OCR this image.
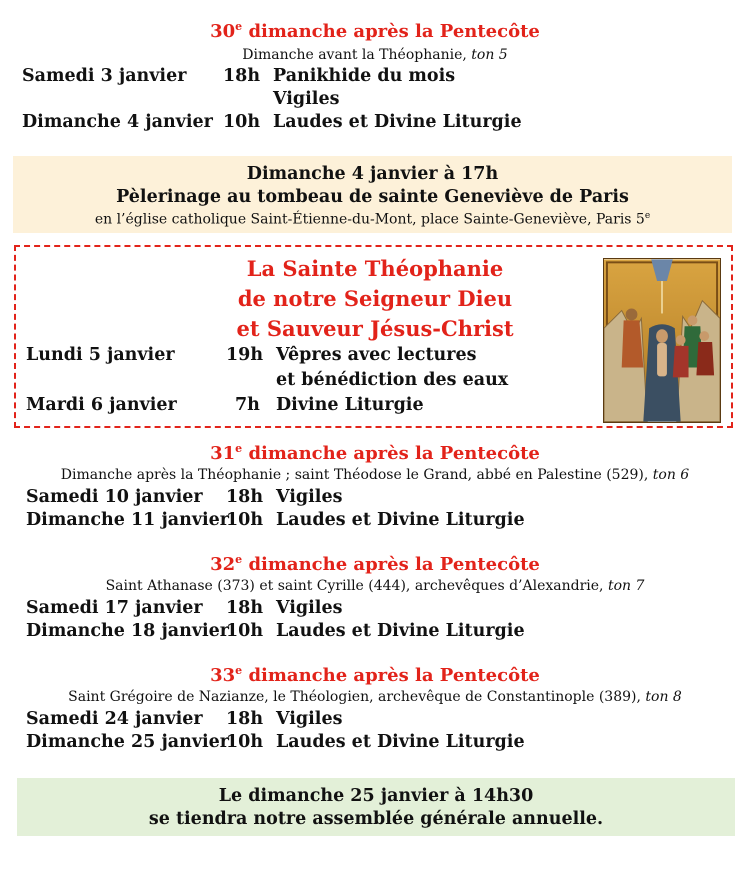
30e dimanche après la Pentecôte
Dimanche avant la Théophanie, ton 5
Samedi 3 janvier 18h Panikhide du mois
Vigiles
Dimanche 4 janvier 10h Laudes et Divine Liturgie
Dimanche 4 janvier à 17h
Pèlerinage au tombeau de sainte Geneviève de Paris
en l’église catholique Saint-Étienne-du-Mont, place Sainte-Geneviève, Paris 5e
La Sainte Théophanie
de notre Seigneur Dieu
et Sauveur Jésus-Christ
Lundi 5 janvier	19h Vêpres avec lectures
et bénédiction des eaux
Mardi 6 janvier	7h Divine Liturgie
31e dimanche après la Pentecôte
Dimanche après la Théophanie ; saint Théodose le Grand, abbé en Palestine (529), ton 6
Samedi 10 janvier 18h Vigiles
Dimanche 11 janvier
10h Laudes et Divine Liturgie
32e dimanche après la Pentecôte
Saint Athanase (373) et saint Cyrille (444), archevêques d’Alexandrie, ton 7
Samedi 17 janvier 18h Vigiles
Dimanche 18 janvier
10h Laudes et Divine Liturgie
33e dimanche après la Pentecôte
Saint Grégoire de Nazianze, le Théologien, archevêque de Constantinople (389), ton 8
Samedi 24 janvier 18h Vigiles
Dimanche 25 janvier
10h Laudes et Divine Liturgie
Le dimanche 25 janvier à 14h30
se tiendra notre assemblée générale annuelle.
